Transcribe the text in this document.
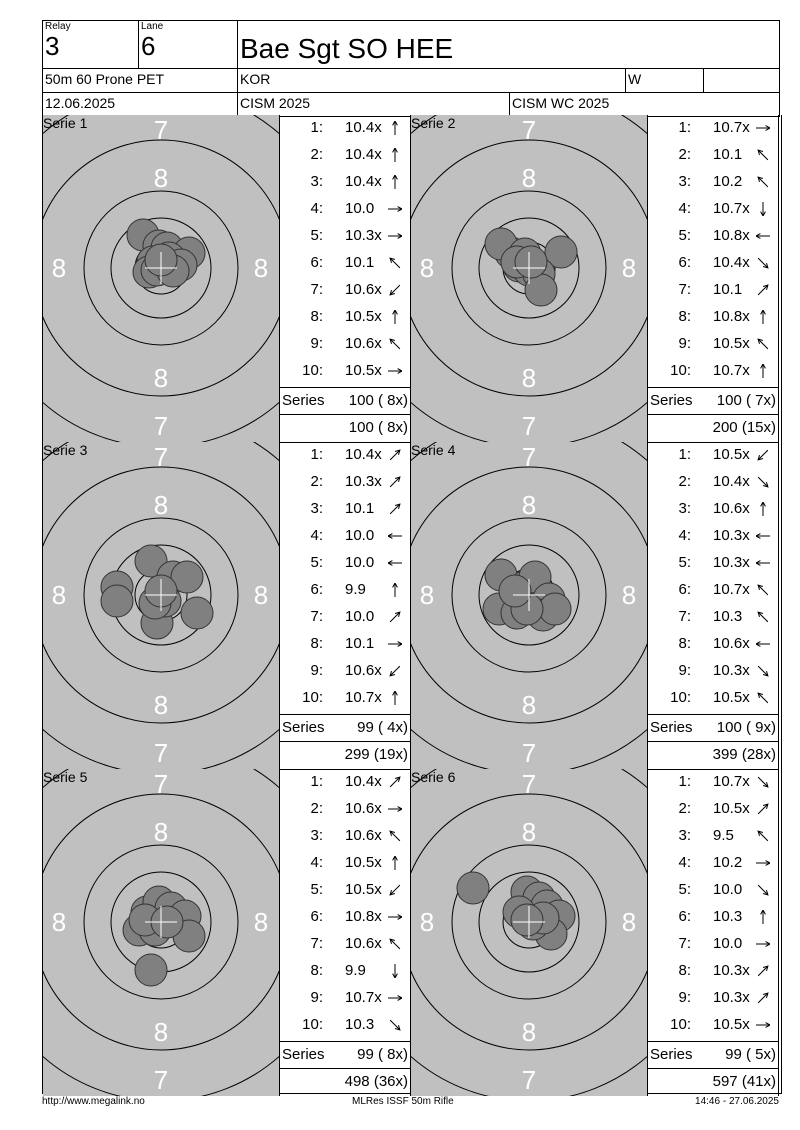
Relay
3
Lane
6	Bae Sgt SO HEE
50m 60 Prone PET	KOR	W
12.06.2025	CISM 2025	CISM WC 2025
7
7
8
8
8	8
Serie 1	1: 10.4x
2: 10.4x
3: 10.4x
4: 10.0
5: 10.3x
6: 10.1
7: 10.6x
8: 10.5x
9: 10.6x
10: 10.5x
Series 100 ( 8x)
100 ( 8x)
7
7
8
8
8	8
Serie 2	1: 10.7x
2: 10.1
3: 10.2
4: 10.7x
5: 10.8x
6: 10.4x
7: 10.1
8: 10.8x
9: 10.5x
10: 10.7x
Series 100 ( 7x)
200 (15x)
7
7
8
8
8	8
Serie 3	1: 10.4x
2: 10.3x
3: 10.1
4: 10.0
5: 10.0
6: 9.9
7: 10.0
8: 10.1
9: 10.6x
10: 10.7x
Series 99 ( 4x)
299 (19x)
7
7
8
8
8	8
Serie 4	1: 10.5x
2: 10.4x
3: 10.6x
4: 10.3x
5: 10.3x
6: 10.7x
7: 10.3
8: 10.6x
9: 10.3x
10: 10.5x
Series 100 ( 9x)
399 (28x)
7
7
8
8
8	8
Serie 5	1: 10.4x
2: 10.6x
3: 10.6x
4: 10.5x
5: 10.5x
6: 10.8x
7: 10.6x
8: 9.9
9: 10.7x
10: 10.3
Series 99 ( 8x)
498 (36x)
7
7
8
8
8	8
Serie 6	1: 10.7x
2: 10.5x
3: 9.5
4: 10.2
5: 10.0
6: 10.3
7: 10.0
8: 10.3x
9: 10.3x
10: 10.5x
Series 99 ( 5x)
597 (41x)
http://www.megalink.no	MLRes ISSF 50m Rifle	14:46 - 27.06.2025
